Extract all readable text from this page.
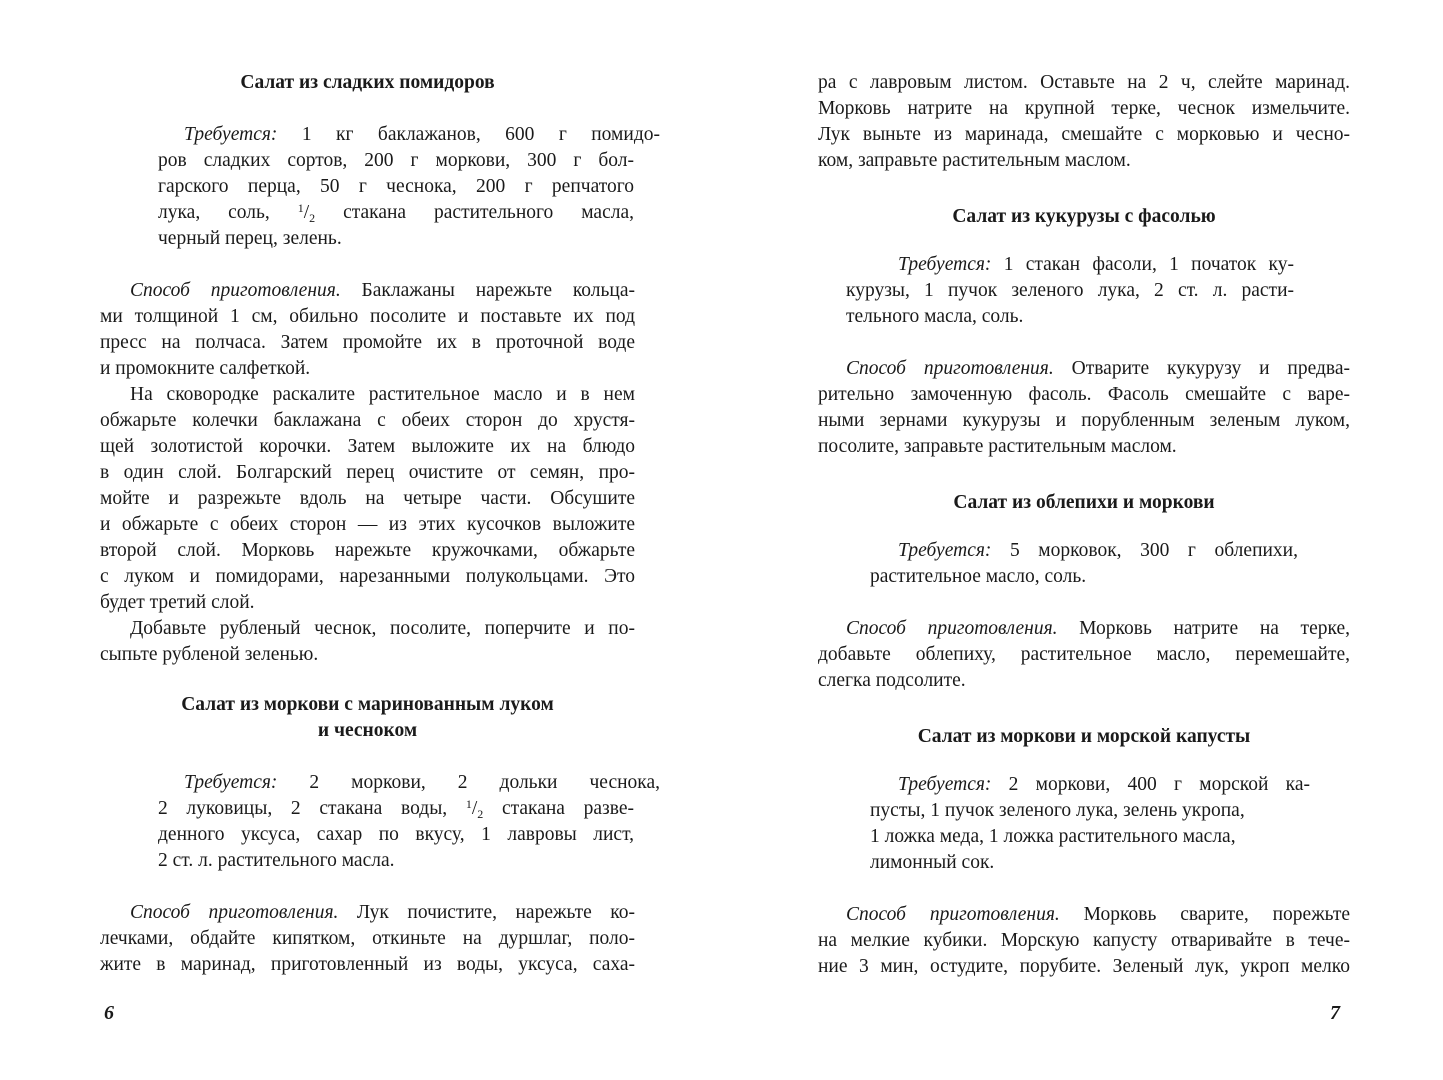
Салат из сладких помидоров
Требуется: 1 кг баклажанов, 600 г помидо-
ров сладких сортов, 200 г моркови, 300 г бол-
гарского перца, 50 г чеснока, 200 г репчатого
лука, соль, $^1/_2$ стакана растительного масла,
черный перец, зелень.
Способ приготовления. Баклажаны нарежьте кольца-
ми толщиной 1 см, обильно посолите и поставьте их под
пресс на полчаса. Затем промойте их в проточной воде
и промокните салфеткой.
На сковородке раскалите растительное масло и в нем
обжарьте колечки баклажана с обеих сторон до хрустя-
щей золотистой корочки. Затем выложите их на блюдо
в один слой. Болгарский перец очистите от семян, про-
мойте и разрежьте вдоль на четыре части. Обсушите
и обжарьте с обеих сторон — из этих кусочков выложите
второй слой. Морковь нарежьте кружочками, обжарьте
с луком и помидорами, нарезанными полукольцами. Это
будет третий слой.
Добавьте рубленый чеснок, посолите, поперчите и по-
сыпьте рубленой зеленью.
Салат из моркови с маринованным луком
и чесноком
Требуется: 2 моркови, 2 дольки чеснока,
2 луковицы, 2 стакана воды, $^1/_2$ стакана разве-
денного уксуса, сахар по вкусу, 1 лавровы лист,
2 ст. л. растительного масла.
Способ приготовления. Лук почистите, нарежьте ко-
лечками, обдайте кипятком, откиньте на дуршлаг, поло-
жите в маринад, приготовленный из воды, уксуса, саха-
6
ра с лавровым листом. Оставьте на 2 ч, слейте маринад.
Морковь натрите на крупной терке, чеснок измельчите.
Лук выньте из маринада, смешайте с морковью и чесно-
ком, заправьте растительным маслом.
Салат из кукурузы с фасолью
Требуется: 1 стакан фасоли, 1 початок ку-
курузы, 1 пучок зеленого лука, 2 ст. л. расти-
тельного масла, соль.
Способ приготовления. Отварите кукурузу и предва-
рительно замоченную фасоль. Фасоль смешайте с варе-
ными зернами кукурузы и порубленным зеленым луком,
посолите, заправьте растительным маслом.
Салат из облепихи и моркови
Требуется: 5 морковок, 300 г облепихи,
растительное масло, соль.
Способ приготовления. Морковь натрите на терке,
добавьте облепиху, растительное масло, перемешайте,
слегка подсолите.
Салат из моркови и морской капусты
Требуется: 2 моркови, 400 г морской ка-
пусты, 1 пучок зеленого лука, зелень укропа,
1 ложка меда, 1 ложка растительного масла,
лимонный сок.
Способ приготовления. Морковь сварите, порежьте
на мелкие кубики. Морскую капусту отваривайте в тече-
ние 3 мин, остудите, порубите. Зеленый лук, укроп мелко
7
